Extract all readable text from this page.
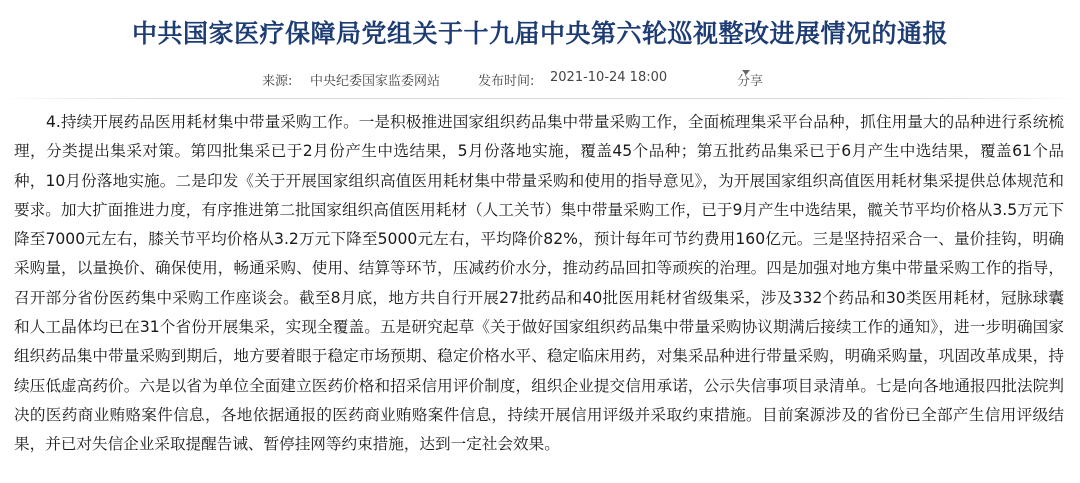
中共国家医疗保障局党组关于十九届中央第六轮巡视整改进展情况的通报
来源: 中央纪委国家监委网站	发布时间: 2021-10-24 18:00	分享

4.持续开展药品医用耗材集中带量采购工作。一是积极推进国家组织药品集中带量采购工作，全面梳理集采平台品种，抓住用量大的品种进行系统梳理，分类提出集采对策。第四批集采已于2月份产生中选结果，5月份落地实施，覆盖45个品种；第五批药品集采已于6月产生中选结果，覆盖61个品种，10月份落地实施。二是印发《关于开展国家组织高值医用耗材集中带量采购和使用的指导意见》，为开展国家组织高值医用耗材集采提供总体规范和要求。加大扩面推进力度，有序推进第二批国家组织高值医用耗材（人工关节）集中带量采购工作，已于9月产生中选结果，髋关节平均价格从3.5万元下降至7000元左右，膝关节平均价格从3.2万元下降至5000元左右，平均降价82%，预计每年可节约费用160亿元。三是坚持招采合一、量价挂钩，明确采购量，以量换价、确保使用，畅通采购、使用、结算等环节，压减药价水分，推动药品回扣等顽疾的治理。四是加强对地方集中带量采购工作的指导，召开部分省份医药集中采购工作座谈会。截至8月底，地方共自行开展27批药品和40批医用耗材省级集采，涉及332个药品和30类医用耗材，冠脉球囊和人工晶体均已在31个省份开展集采，实现全覆盖。五是研究起草《关于做好国家组织药品集中带量采购协议期满后接续工作的通知》，进一步明确国家组织药品集中带量采购到期后，地方要着眼于稳定市场预期、稳定价格水平、稳定临床用药，对集采品种进行带量采购，明确采购量，巩固改革成果，持续压低虚高药价。六是以省为单位全面建立医药价格和招采信用评价制度，组织企业提交信用承诺，公示失信事项目录清单。七是向各地通报四批法院判决的医药商业贿赂案件信息，各地依据通报的医药商业贿赂案件信息，持续开展信用评级并采取约束措施。目前案源涉及的省份已全部产生信用评级结果，并已对失信企业采取提醒告诫、暂停挂网等约束措施，达到一定社会效果。
